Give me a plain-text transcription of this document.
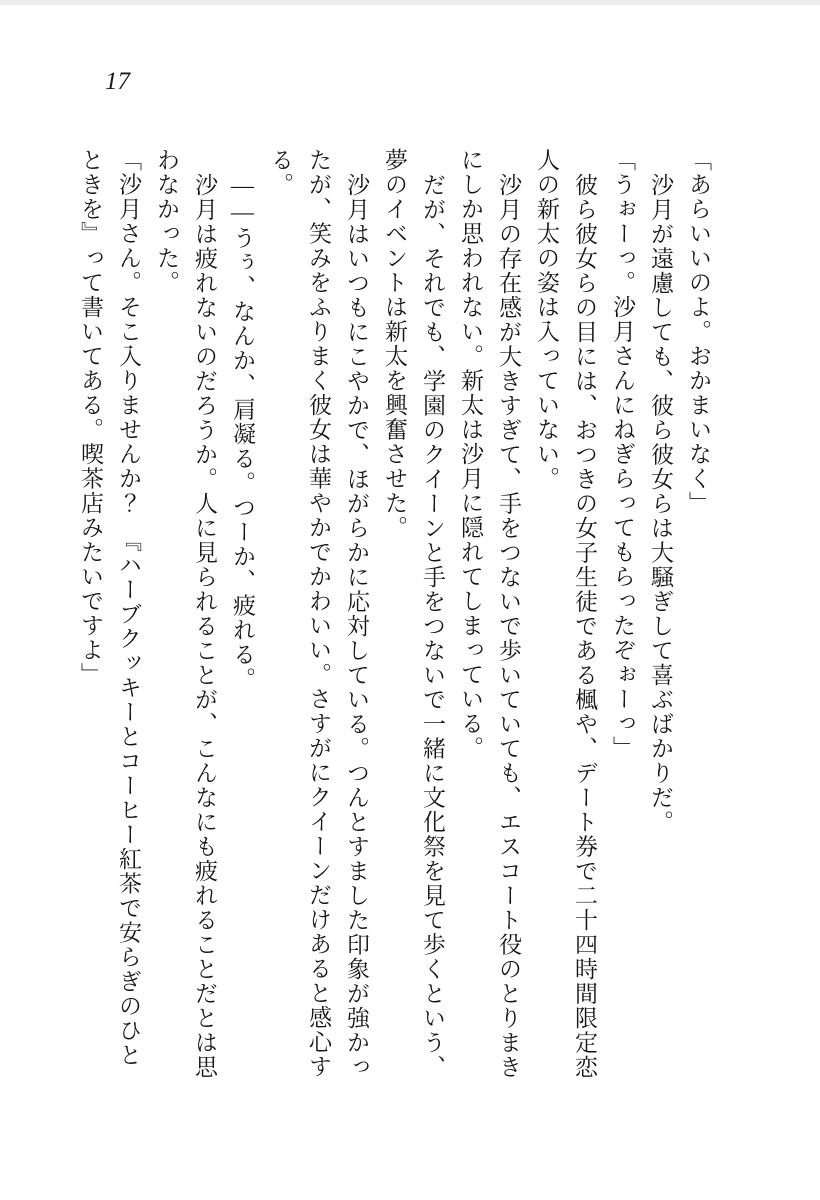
17
「あらいいのよ。おかまいなく」
沙月が遠慮しても、彼ら彼女らは大騒ぎして喜ぶばかりだ。
「うぉーっ。沙月さんにねぎらってもらったぞぉーっ」
彼ら彼女らの目には、おつきの女子生徒である楓や、デート券で二十四時間限定恋
人の新太の姿は入っていない。
沙月の存在感が大きすぎて、手をつないで歩いていても、エスコート役のとりまき
にしか思われない。新太は沙月に隠れてしまっている。
だが、それでも、学園のクイーンと手をつないで一緒に文化祭を見て歩くという、
夢のイベントは新太を興奮させた。
沙月はいつもにこやかで、ほがらかに応対している。つんとすました印象が強かっ
たが、笑みをふりまく彼女は華やかでかわいい。さすがにクイーンだけあると感心す
る。
――うぅ、なんか、肩凝る。つーか、疲れる。
沙月は疲れないのだろうか。人に見られることが、こんなにも疲れることだとは思
わなかった。
「沙月さん。そこ入りませんか？　『ハーブクッキーとコーヒー紅茶で安らぎのひと
ときを』って書いてある。喫茶店みたいですよ」
